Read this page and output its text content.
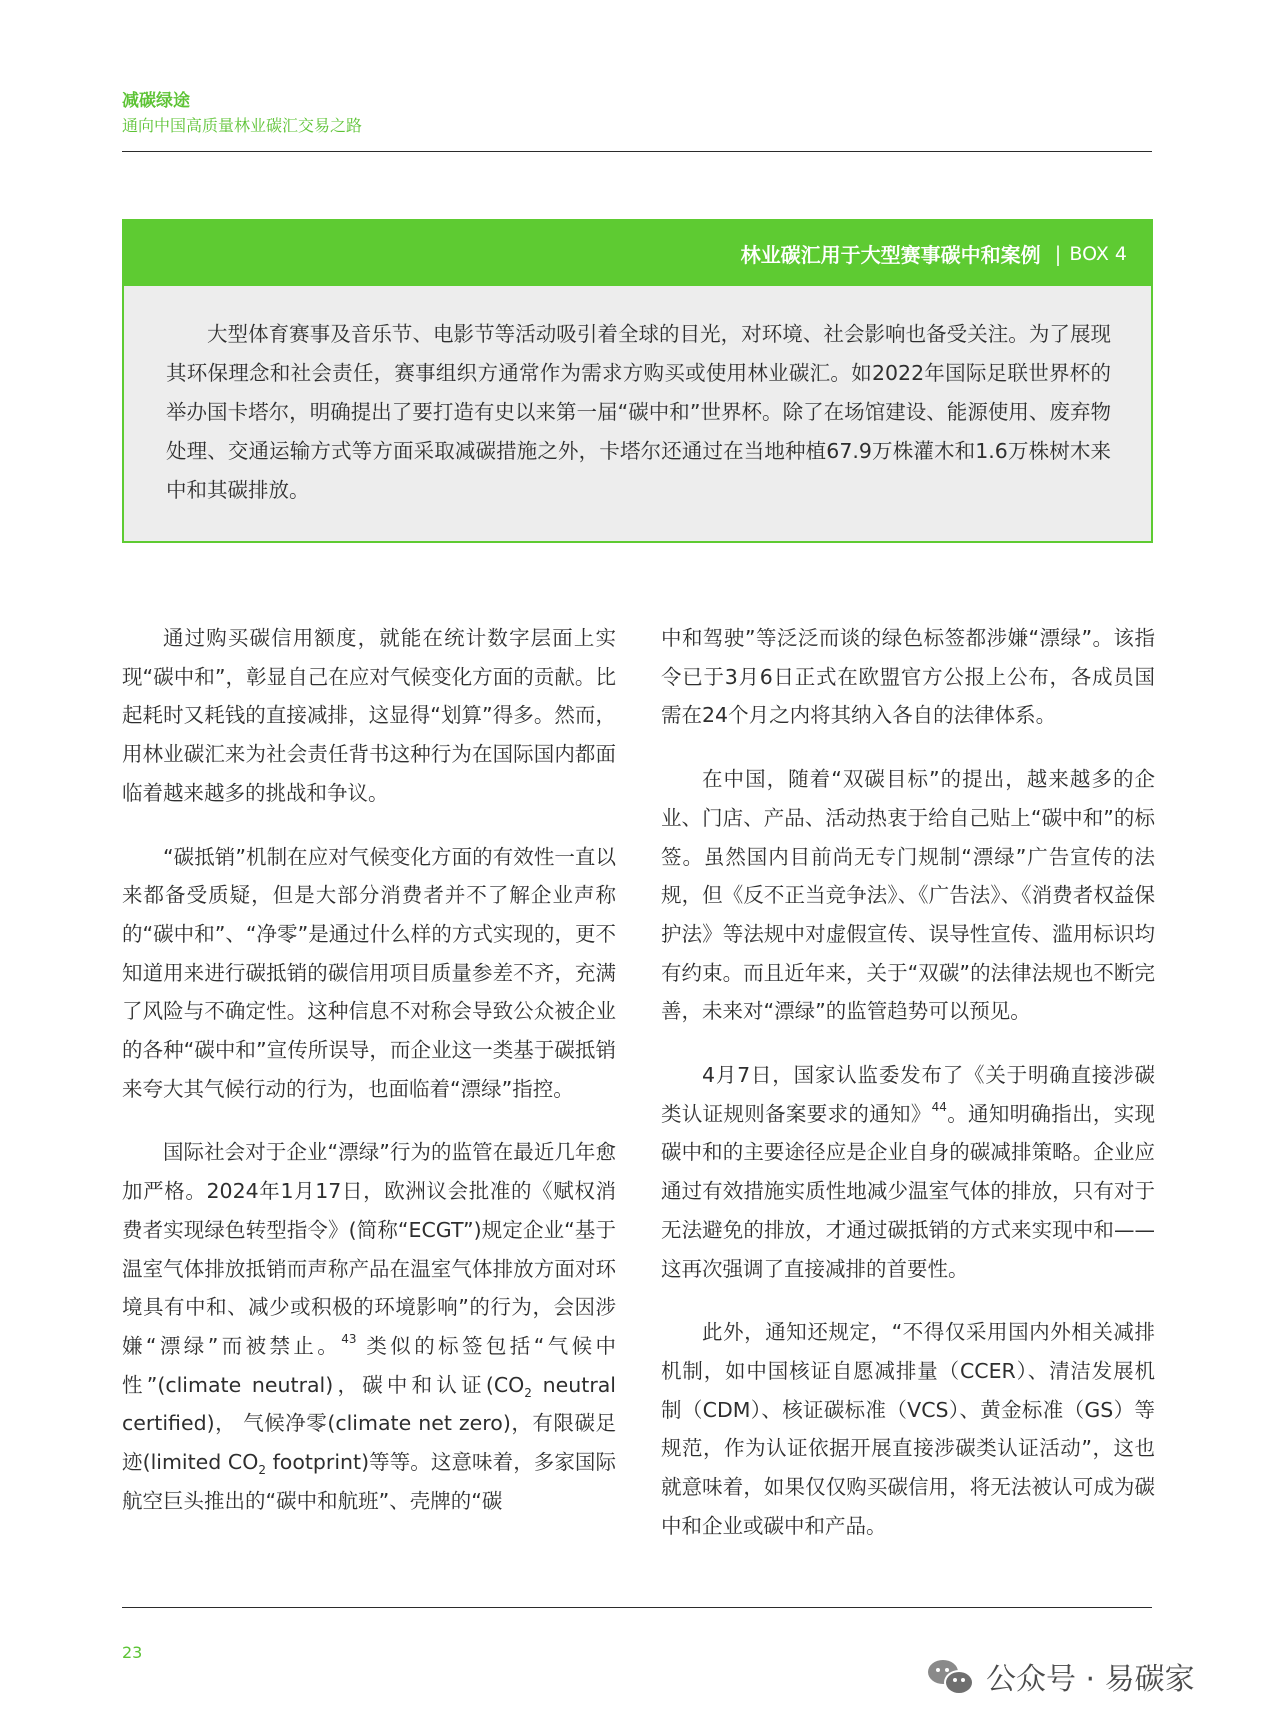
减碳绿途
通向中国高质量林业碳汇交易之路
林业碳汇用于大型赛事碳中和案例 | BOX 4
大型体育赛事及音乐节、电影节等活动吸引着全球的目光，对环境、社会影响也备受关注。为了展现其环保理念和社会责任，赛事组织方通常作为需求方购买或使用林业碳汇。如2022年国际足联世界杯的举办国卡塔尔，明确提出了要打造有史以来第一届“碳中和”世界杯。除了在场馆建设、能源使用、废弃物处理、交通运输方式等方面采取减碳措施之外，卡塔尔还通过在当地种植67.9万株灌木和1.6万株树木来中和其碳排放。

通过购买碳信用额度，就能在统计数字层面上实现“碳中和”，彰显自己在应对气候变化方面的贡献。比起耗时又耗钱的直接减排，这显得“划算”得多。然而，用林业碳汇来为社会责任背书这种行为在国际国内都面临着越来越多的挑战和争议。

“碳抵销”机制在应对气候变化方面的有效性一直以来都备受质疑，但是大部分消费者并不了解企业声称的“碳中和”、“净零”是通过什么样的方式实现的，更不知道用来进行碳抵销的碳信用项目质量参差不齐，充满了风险与不确定性。这种信息不对称会导致公众被企业的各种“碳中和”宣传所误导，而企业这一类基于碳抵销来夸大其气候行动的行为，也面临着“漂绿”指控。

国际社会对于企业“漂绿”行为的监管在最近几年愈加严格。2024年1月17日，欧洲议会批准的《赋权消费者实现绿色转型指令》(简称“ECGT”)规定企业“基于温室气体排放抵销而声称产品在温室气体排放方面对环境具有中和、减少或积极的环境影响”的行为，会因涉嫌“漂绿”而被禁止。$^{43}$ 类似的标签包括“气候中性”(climate neutral)，碳中和认证($CO_2$ neutral certified)， 气候净零(climate net zero)，有限碳足迹(limited $CO_2$ footprint)等等。这意味着，多家国际航空巨头推出的“碳中和航班”、壳牌的“碳

中和驾驶”等泛泛而谈的绿色标签都涉嫌“漂绿”。该指令已于3月6日正式在欧盟官方公报上公布，各成员国需在24个月之内将其纳入各自的法律体系。

在中国，随着“双碳目标”的提出，越来越多的企业、门店、产品、活动热衷于给自己贴上“碳中和”的标签。虽然国内目前尚无专门规制“漂绿”广告宣传的法规，但《反不正当竞争法》、《广告法》、《消费者权益保护法》等法规中对虚假宣传、误导性宣传、滥用标识均有约束。而且近年来，关于“双碳”的法律法规也不断完善，未来对“漂绿”的监管趋势可以预见。

4月7日，国家认监委发布了《关于明确直接涉碳类认证规则备案要求的通知》$^{44}$。通知明确指出，实现碳中和的主要途径应是企业自身的碳减排策略。企业应通过有效措施实质性地减少温室气体的排放，只有对于无法避免的排放，才通过碳抵销的方式来实现中和——这再次强调了直接减排的首要性。

此外，通知还规定，“不得仅采用国内外相关减排机制，如中国核证自愿减排量（CCER）、清洁发展机制（CDM）、核证碳标准（VCS）、黄金标准（GS）等规范，作为认证依据开展直接涉碳类认证活动”，这也就意味着，如果仅仅购买碳信用，将无法被认可成为碳中和企业或碳中和产品。

23
公众号 · 易碳家
